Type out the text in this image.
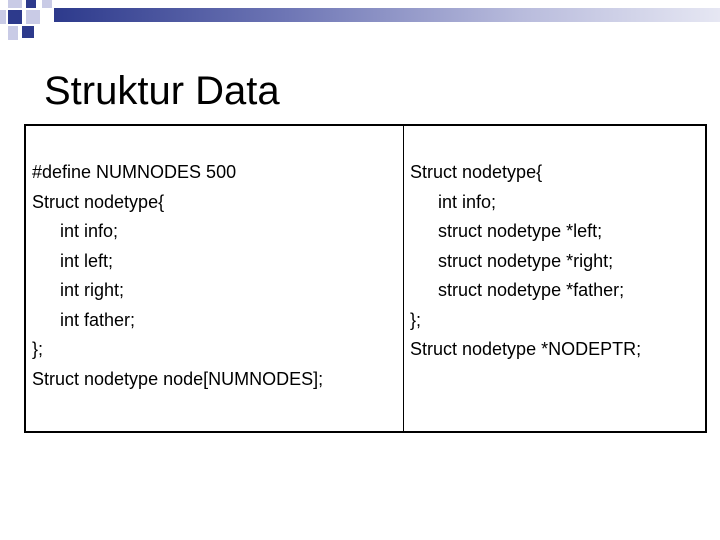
Struktur Data
#define NUMNODES 500
Struct nodetype{
int info;
int left;
int right;
int father;
};
Struct nodetype node[NUMNODES];
Struct nodetype{
int info;
struct nodetype *left;
struct nodetype *right;
struct nodetype *father;
};
Struct nodetype *NODEPTR;
